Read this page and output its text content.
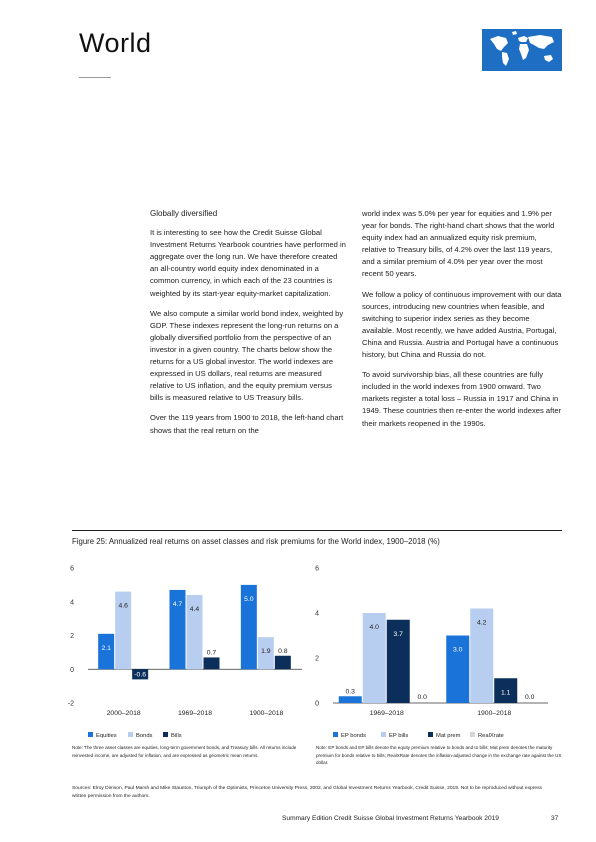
World
Globally diversified

It is interesting to see how the Credit Suisse Global Investment Returns Yearbook countries have performed in aggregate over the long run. We have therefore created an all-country world equity index denominated in a common currency, in which each of the 23 countries is weighted by its start-year equity-market capitalization.

We also compute a similar world bond index, weighted by GDP. These indexes represent the long-run returns on a globally diversified portfolio from the perspective of an investor in a given country. The charts below show the returns for a US global investor. The world indexes are expressed in US dollars, real returns are measured relative to US inflation, and the equity premium versus bills is measured relative to US Treasury bills.

Over the 119 years from 1900 to 2018, the left-hand chart shows that the real return on the

world index was 5.0% per year for equities and 1.9% per year for bonds. The right-hand chart shows that the world equity index had an annualized equity risk premium, relative to Treasury bills, of 4.2% over the last 119 years, and a similar premium of 4.0% per year over the most recent 50 years.

We follow a policy of continuous improvement with our data sources, introducing new countries when feasible, and switching to superior index series as they become available. Most recently, we have added Austria, Portugal, China and Russia. Austria and Portugal have a continuous history, but China and Russia do not.

To avoid survivorship bias, all these countries are fully included in the world indexes from 1900 onward. Two markets register a total loss – Russia in 1917 and China in 1949. These countries then re-enter the world indexes after their markets reopened in the 1990s.

Figure 25: Annualized real returns on asset classes and risk premiums for the World index, 1900–2018 (%)
-2
0
2
4
6
2000–2018
2.1
4.6
-0.6
1969–2018
4.7
4.4
0.7
1900–2018
5.0
1.9 0.8
Equities	Bonds	Bills
0
2
4
6
1969–2018
0.3
4.0
3.7
0.0
1900–2018
3.0
4.2
1.1
0.0
EP bonds	EP bills	Mat prem	RealXrate
Note: The three asset classes are equities, long-term government bonds, and Treasury bills. All returns include reinvested income, are adjusted for inflation, and are expressed as geometric mean returns.
Note: EP bonds and EP bills denote the equity premium relative to bonds and to bills; Mat prem denotes the maturity premium for bonds relative to bills; RealXRate denotes the inflation-adjusted change in the exchange rate against the US dollar.
Sources: Elroy Dimson, Paul Marsh and Mike Staunton, Triumph of the Optimists, Princeton University Press, 2002, and Global Investment Returns Yearbook, Credit Suisse, 2019. Not to be reproduced without express written permission from the authors.
Summary Edition Credit Suisse Global Investment Returns Yearbook 2019	37
